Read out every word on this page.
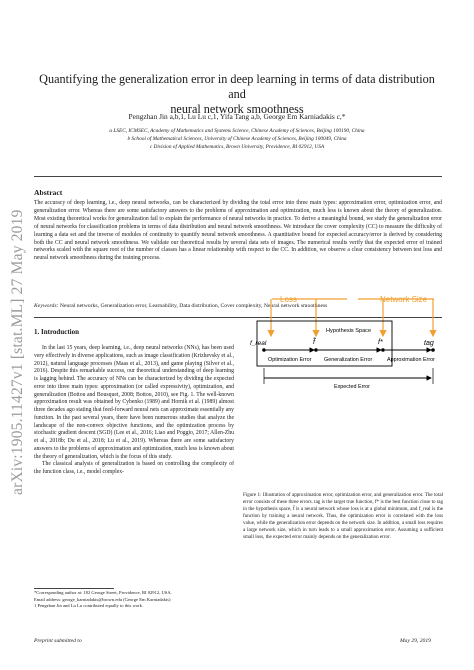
arXiv:1905.11427v1 [stat.ML] 27 May 2019
Quantifying the generalization error in deep learning in terms of data distribution and
neural network smoothness
Pengzhan Jin a,b,1, Lu Lu c,1, Yifa Tang a,b, George Em Karniadakis c,*
a LSEC, ICMSEC, Academy of Mathematics and Systems Science, Chinese Academy of Sciences, Beijing 100190, China
b School of Mathematical Sciences, University of Chinese Academy of Sciences, Beijing 100049, China
c Division of Applied Mathematics, Brown University, Providence, RI 02912, USA
Abstract

The accuracy of deep learning, i.e., deep neural networks, can be characterized by dividing the total error into three main types: approximation error, optimization error, and generalization error. Whereas there are some satisfactory answers to the problems of approximation and optimization, much less is known about the theory of generalization. Most existing theoretical works for generalization fail to explain the performance of neural networks in practice. To derive a meaningful bound, we study the generalization error of neural networks for classification problems in terms of data distribution and neural network smoothness. We introduce the cover complexity (CC) to measure the difficulty of learning a data set and the inverse of modules of continuity to quantify neural network smoothness. A quantitative bound for expected accuracy/error is derived by considering both the CC and neural network smoothness. We validate our theoretical results by several data sets of images. The numerical results verify that the expected error of trained networks scaled with the square root of the number of classes has a linear relationship with respect to the CC. In addition, we observe a clear consistency between test loss and neural network smoothness during the training process.

Keywords: Neural networks, Generalization error, Learnability, Data distribution, Cover complexity, Neural network smoothness
1. Introduction

In the last 15 years, deep learning, i.e., deep neural networks (NNs), has been used very effectively in diverse applications, such as image classification (Krizhevsky et al., 2012), natural language processes (Maas et al., 2013), and game playing (Silver et al., 2016). Despite this remarkable success, our theoretical understanding of deep learning is lagging behind. The accuracy of NNs can be characterized by dividing the expected error into three main types: approximation (or called expressivity), optimization, and generalization (Bottou and Bousquet, 2008; Bottou, 2010), see Fig. 1. The well-known approximation result was obtained by Cybenko (1989) and Hornik et al. (1989) almost three decades ago stating that feed-forward neural nets can approximate essentially any function. In the past several years, there have been numerous studies that analyze the landscape of the non-convex objective functions, and the optimization process by stochastic gradient descent (SGD) (Lee et al., 2016; Liao and Poggio, 2017; Allen-Zhu et al., 2018b; Du et al., 2018; Lu et al., 2019). Whereas there are some satisfactory answers to the problems of approximation and optimization, much less is known about the theory of generalization, which is the focus of this study.

The classical analysis of generalization is based on controlling the complexity of the function class, i.e., model complex-

*Corresponding author at: 182 George Street, Providence, RI 02912, USA.
Email address: george_karniadakis@brown.edu (George Em Karniadakis)
1 Pengzhan Jin and Lu Lu contributed equally to this work.
Loss	Network Size
Hypothesis Space
f_real	f̃	f*	tag
Optimization Error Generalization Error	Approximation Error
Expected Error
Figure 1: Illustration of approximation error, optimization error, and generalization error. The total error consists of these three errors. tag is the target true function, f* is the best function close to tag in the hypothesis space, f̃ is a neural network whose loss is at a global minimum, and f_real is the function by training a neural network. Thus, the optimization error is correlated with the loss value, while the generalization error depends on the network size. In addition, a small loss requires a large network size, which in turn leads to a small approximation error. Assuming a sufficient small loss, the expected error mainly depends on the generalization error.
Preprint submitted to	May 29, 2019
